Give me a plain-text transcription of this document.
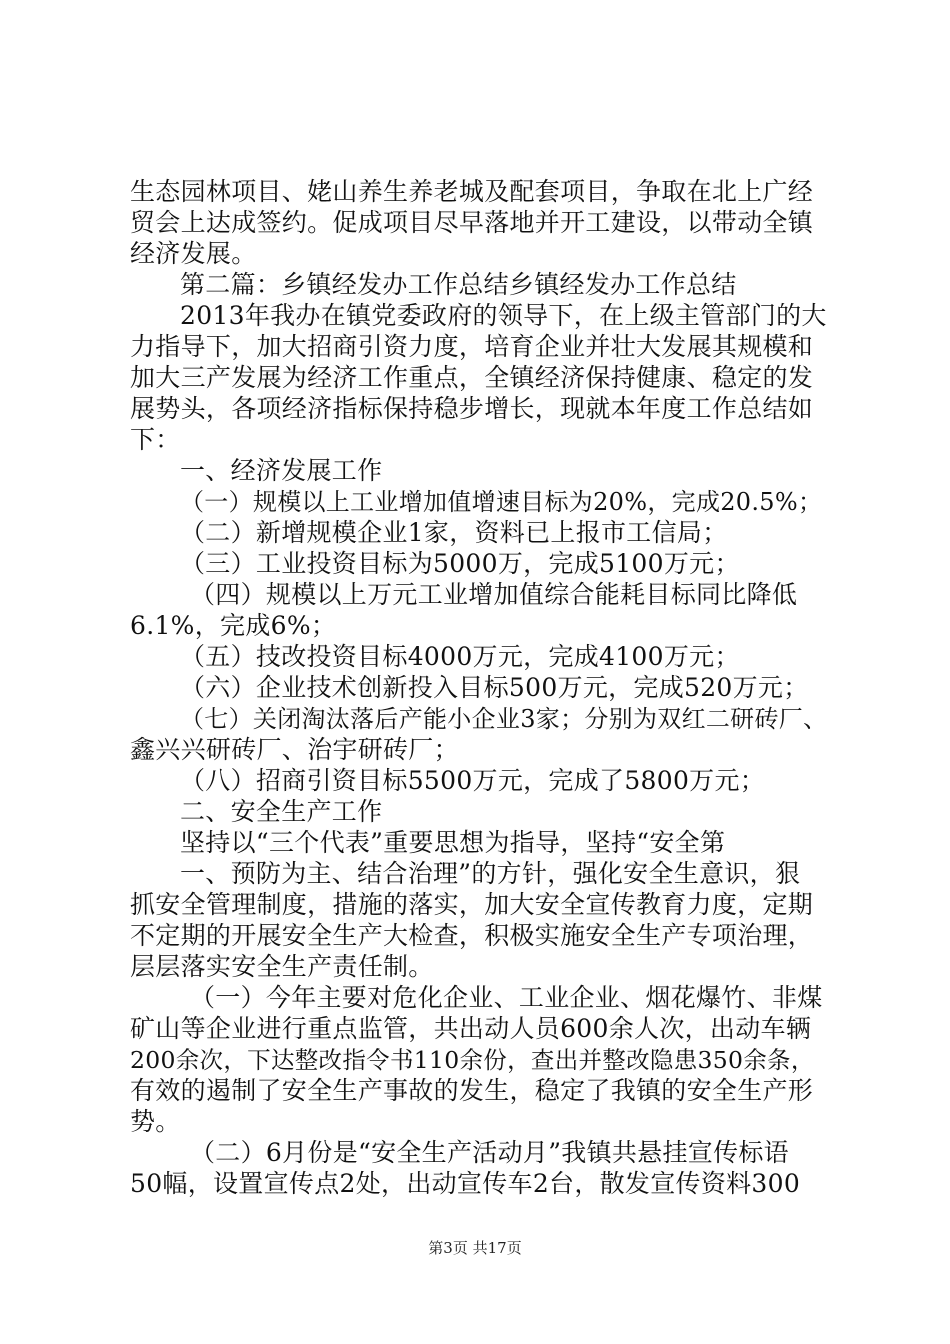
生态园林项目、姥山养生养老城及配套项目，争取在北上广经
贸会上达成签约。促成项目尽早落地并开工建设，以带动全镇
经济发展。
第二篇：乡镇经发办工作总结乡镇经发办工作总结
2013年我办在镇党委政府的领导下，在上级主管部门的大
力指导下，加大招商引资力度，培育企业并壮大发展其规模和
加大三产发展为经济工作重点，全镇经济保持健康、稳定的发
展势头，各项经济指标保持稳步增长，现就本年度工作总结如
下：
一、经济发展工作
（一）规模以上工业增加值增速目标为20%，完成20.5%；
（二）新增规模企业1家，资料已上报市工信局；
（三）工业投资目标为5000万，完成5100万元；
（四）规模以上万元工业增加值综合能耗目标同比降低
6.1%，完成6%；
（五）技改投资目标4000万元，完成4100万元；
（六）企业技术创新投入目标500万元，完成520万元；
（七）关闭淘汰落后产能小企业3家；分别为双红二研砖厂、
鑫兴兴研砖厂、治宇研砖厂；
（八）招商引资目标5500万元，完成了5800万元；
二、安全生产工作
坚持以“三个代表”重要思想为指导，坚持“安全第
一、预防为主、结合治理”的方针，强化安全生意识，狠
抓安全管理制度，措施的落实，加大安全宣传教育力度，定期
不定期的开展安全生产大检查，积极实施安全生产专项治理，
层层落实安全生产责任制。
（一）今年主要对危化企业、工业企业、烟花爆竹、非煤
矿山等企业进行重点监管，共出动人员600余人次，出动车辆
200余次，下达整改指令书110余份，查出并整改隐患350余条，
有效的遏制了安全生产事故的发生，稳定了我镇的安全生产形
势。
（二）6月份是“安全生产活动月”我镇共悬挂宣传标语
50幅，设置宣传点2处，出动宣传车2台，散发宣传资料300
第3页 共17页
